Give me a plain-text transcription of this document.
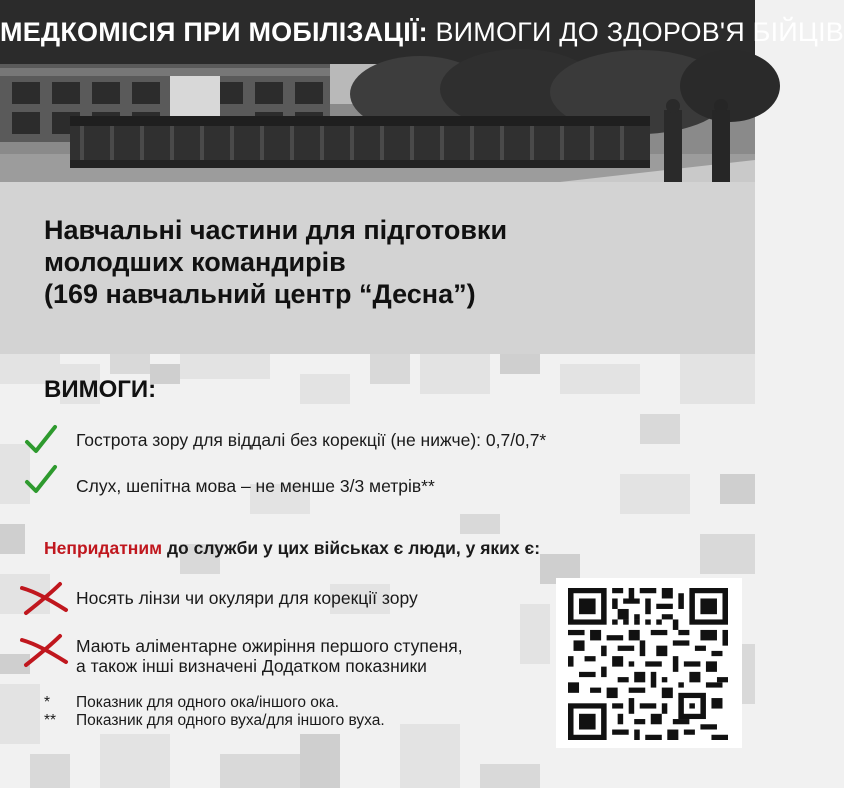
МЕДКОМІСІЯ ПРИ МОБІЛІЗАЦІЇ: ВИМОГИ ДО ЗДОРОВ'Я БІЙЦІВ
Навчальні частини для підготовки
молодших командирів
(169 навчальний центр “Десна”)
ВИМОГИ:
Гострота зору для віддалі без корекції (не нижче): 0,7/0,7*
Слух, шепітна мова – не менше 3/3 метрів**
Непридатним до служби у цих військах є люди, у яких є:
Носять лінзи чи окуляри для корекції зору
Мають аліментарне ожиріння першого ступеня,
а також інші визначені Додатком показники
* Показник для одного ока/іншого ока.
** Показник для одного вуха/для іншого вуха.
